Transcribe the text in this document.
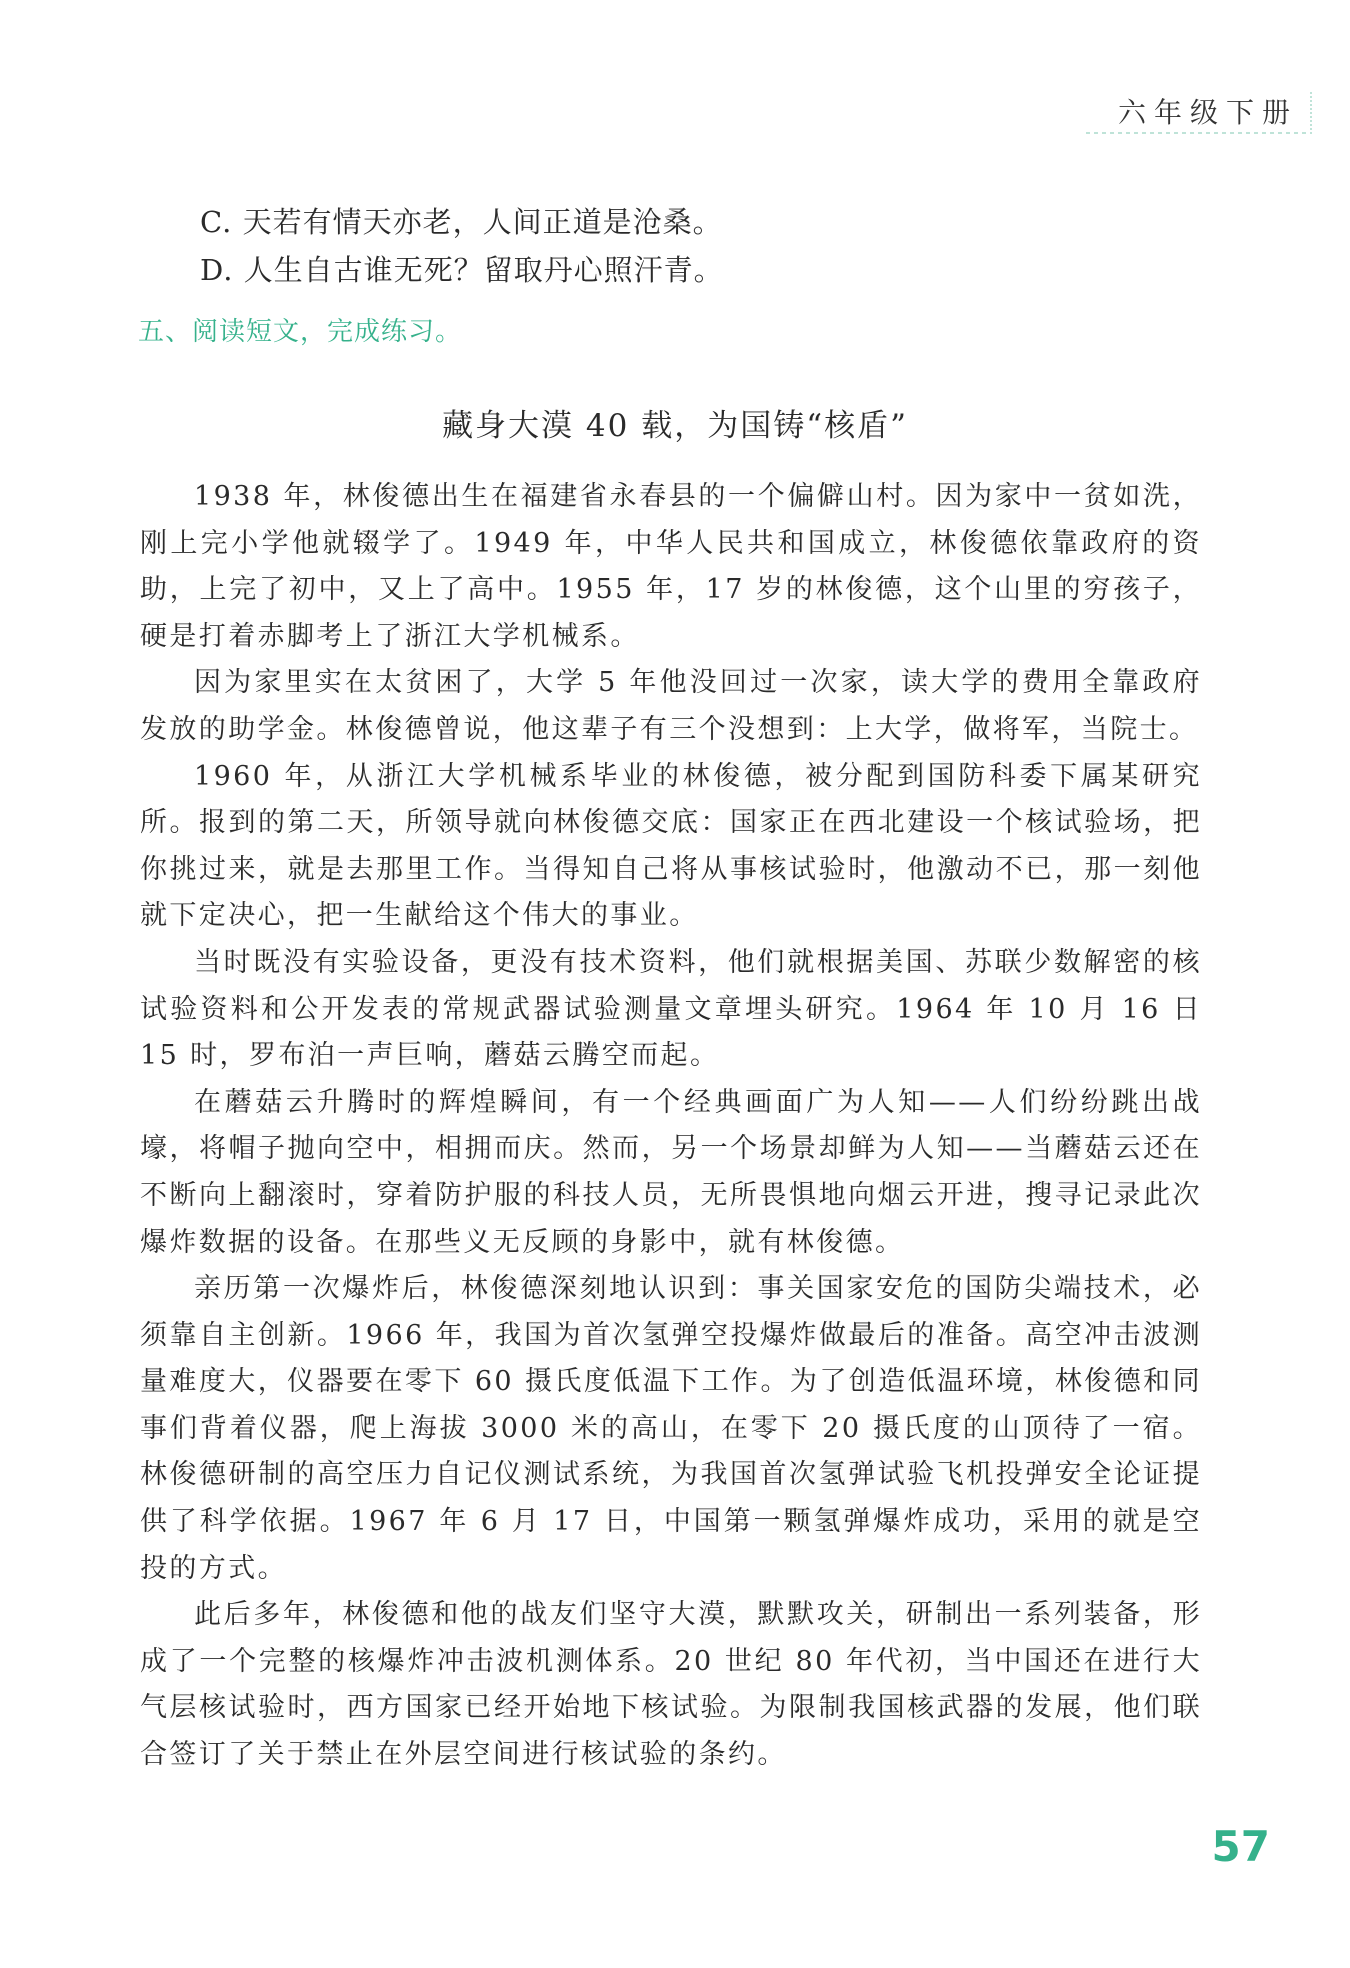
六年级下册
C. 天若有情天亦老，人间正道是沧桑。
D. 人生自古谁无死？留取丹心照汗青。
五、阅读短文，完成练习。
藏身大漠 40 载，为国铸“核盾”

1938 年，林俊德出生在福建省永春县的一个偏僻山村。因为家中一贫如洗，刚上完小学他就辍学了。1949 年，中华人民共和国成立，林俊德依靠政府的资助，上完了初中，又上了高中。1955 年，17 岁的林俊德，这个山里的穷孩子，硬是打着赤脚考上了浙江大学机械系。

因为家里实在太贫困了，大学 5 年他没回过一次家，读大学的费用全靠政府发放的助学金。林俊德曾说，他这辈子有三个没想到：上大学，做将军，当院士。

1960 年，从浙江大学机械系毕业的林俊德，被分配到国防科委下属某研究所。报到的第二天，所领导就向林俊德交底：国家正在西北建设一个核试验场，把你挑过来，就是去那里工作。当得知自己将从事核试验时，他激动不已，那一刻他就下定决心，把一生献给这个伟大的事业。

当时既没有实验设备，更没有技术资料，他们就根据美国、苏联少数解密的核试验资料和公开发表的常规武器试验测量文章埋头研究。1964 年 10 月 16 日 15 时，罗布泊一声巨响，蘑菇云腾空而起。

在蘑菇云升腾时的辉煌瞬间，有一个经典画面广为人知——人们纷纷跳出战壕，将帽子抛向空中，相拥而庆。然而，另一个场景却鲜为人知——当蘑菇云还在不断向上翻滚时，穿着防护服的科技人员，无所畏惧地向烟云开进，搜寻记录此次爆炸数据的设备。在那些义无反顾的身影中，就有林俊德。

亲历第一次爆炸后，林俊德深刻地认识到：事关国家安危的国防尖端技术，必须靠自主创新。1966 年，我国为首次氢弹空投爆炸做最后的准备。高空冲击波测量难度大，仪器要在零下 60 摄氏度低温下工作。为了创造低温环境，林俊德和同事们背着仪器，爬上海拔 3000 米的高山，在零下 20 摄氏度的山顶待了一宿。林俊德研制的高空压力自记仪测试系统，为我国首次氢弹试验飞机投弹安全论证提供了科学依据。1967 年 6 月 17 日，中国第一颗氢弹爆炸成功，采用的就是空投的方式。

此后多年，林俊德和他的战友们坚守大漠，默默攻关，研制出一系列装备，形成了一个完整的核爆炸冲击波机测体系。20 世纪 80 年代初，当中国还在进行大气层核试验时，西方国家已经开始地下核试验。为限制我国核武器的发展，他们联合签订了关于禁止在外层空间进行核试验的条约。

57
